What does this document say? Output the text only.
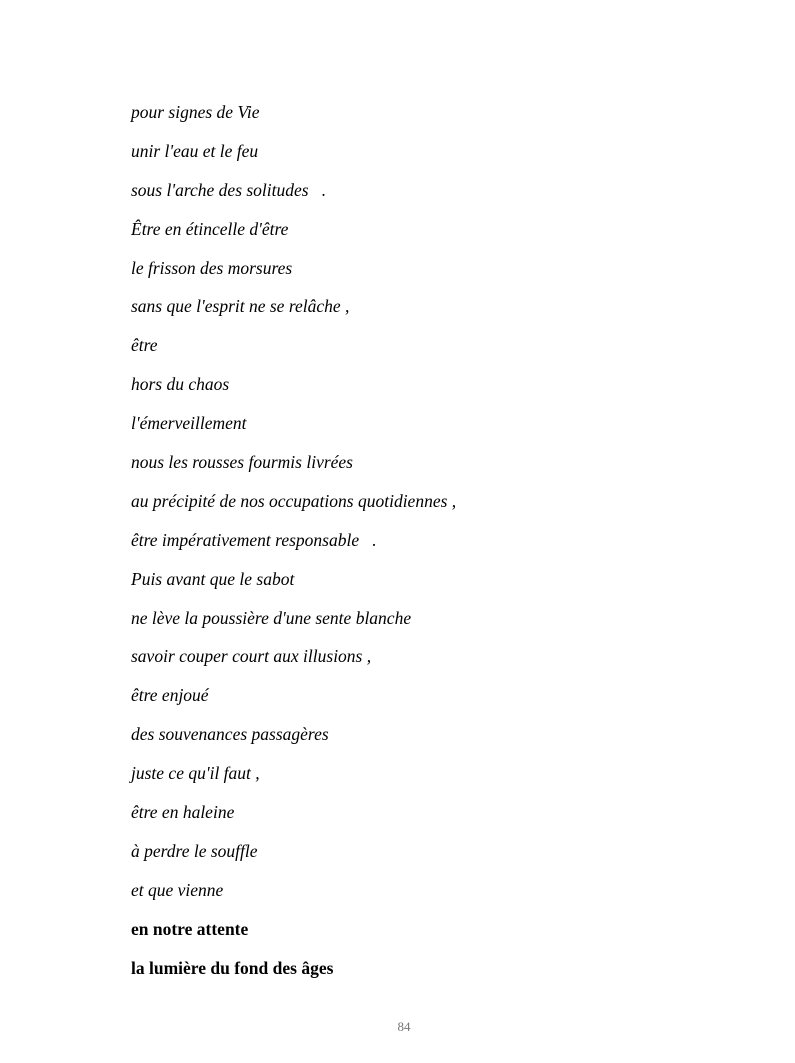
pour signes de Vie
unir l'eau et le feu
sous l'arche des solitudes   .
Être en étincelle d'être
le frisson des morsures
sans que l'esprit ne se relâche ,
être
hors du chaos
l'émerveillement
nous les rousses fourmis livrées
au précipité de nos occupations quotidiennes ,
être impérativement responsable   .
Puis avant que le sabot
ne lève la poussière d'une sente blanche
savoir couper court aux illusions ,
être enjoué
des souvenances passagères
juste ce qu'il faut ,
être en haleine
à perdre le souffle
et que vienne
en notre attente
la lumière du fond des âges
84
